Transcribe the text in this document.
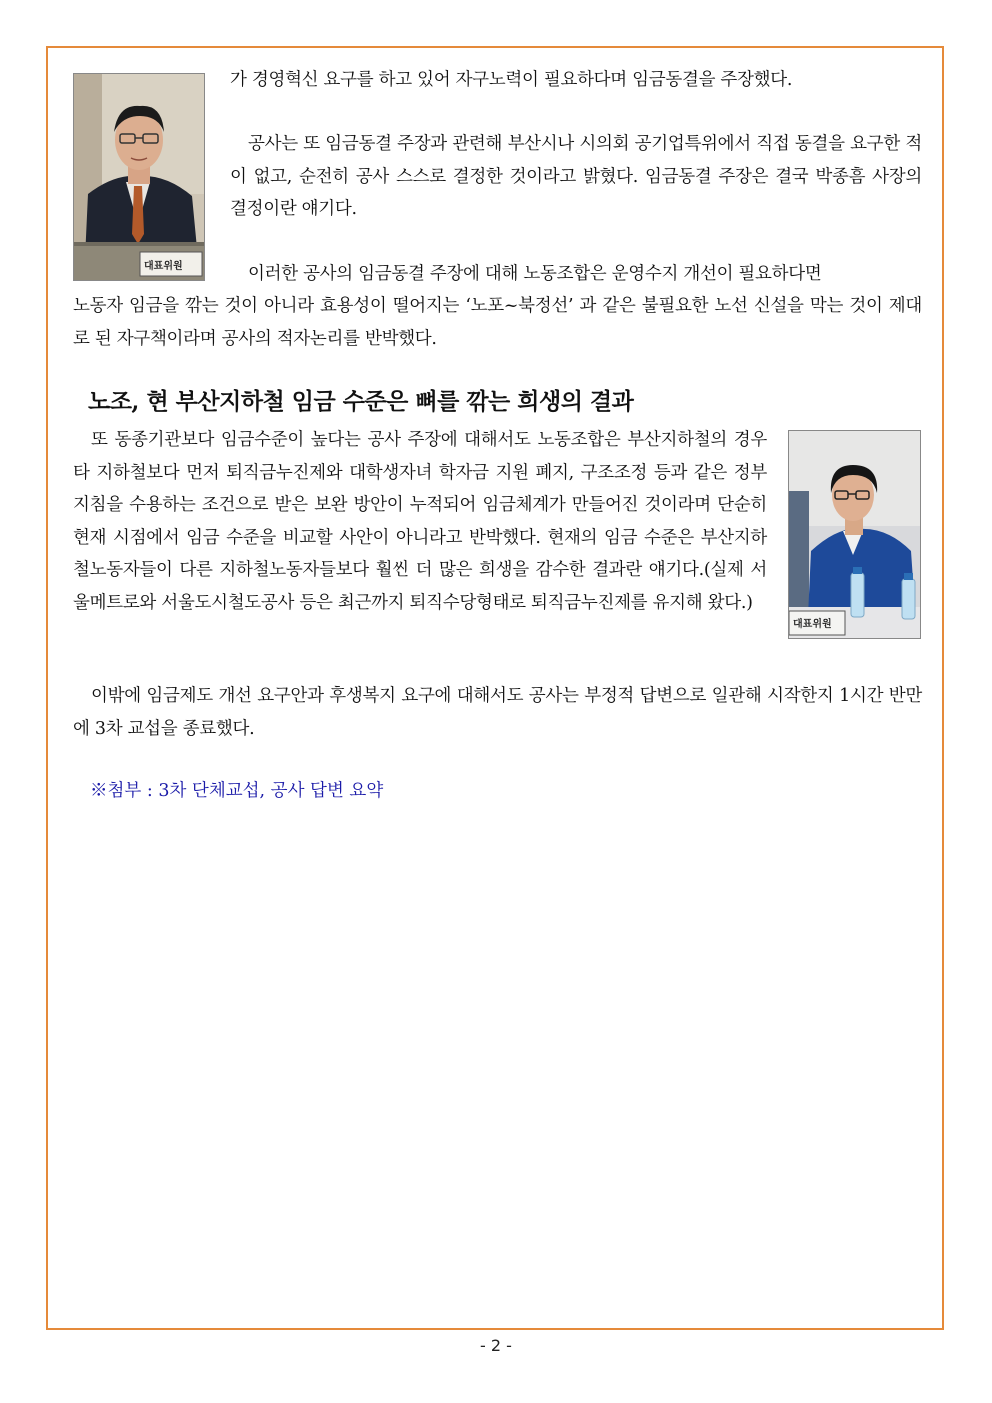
대표위원
대표위원

가 경영혁신 요구를 하고 있어 자구노력이 필요하다며 임금동결을 주장했다.

공사는 또 임금동결 주장과 관련해 부산시나 시의회 공기업특위에서 직접 동결을 요구한 적이 없고, 순전히 공사 스스로 결정한 것이라고 밝혔다. 임금동결 주장은 결국 박종흠 사장의 결정이란 얘기다.

이러한 공사의 임금동결 주장에 대해 노동조합은 운영수지 개선이 필요하다면

노동자 임금을 깎는 것이 아니라 효용성이 떨어지는 ‘노포~북정선’ 과 같은 불필요한 노선 신설을 막는 것이 제대로 된 자구책이라며 공사의 적자논리를 반박했다.

노조, 현 부산지하철 임금 수준은 뼈를 깎는 희생의 결과

또 동종기관보다 임금수준이 높다는 공사 주장에 대해서도 노동조합은 부산지하철의 경우 타 지하철보다 먼저 퇴직금누진제와 대학생자녀 학자금 지원 폐지, 구조조정 등과 같은 정부지침을 수용하는 조건으로 받은 보완 방안이 누적되어 임금체계가 만들어진 것이라며 단순히 현재 시점에서 임금 수준을 비교할 사안이 아니라고 반박했다. 현재의 임금 수준은 부산지하철노동자들이 다른 지하철노동자들보다 훨씬 더 많은 희생을 감수한 결과란 얘기다.(실제 서울메트로와 서울도시철도공사 등은 최근까지 퇴직수당형태로 퇴직금누진제를 유지해 왔다.)

이밖에 임금제도 개선 요구안과 후생복지 요구에 대해서도 공사는 부정적 답변으로 일관해 시작한지 1시간 반만에 3차 교섭을 종료했다.

※첨부 : 3차 단체교섭, 공사 답변 요약

- 2 -
